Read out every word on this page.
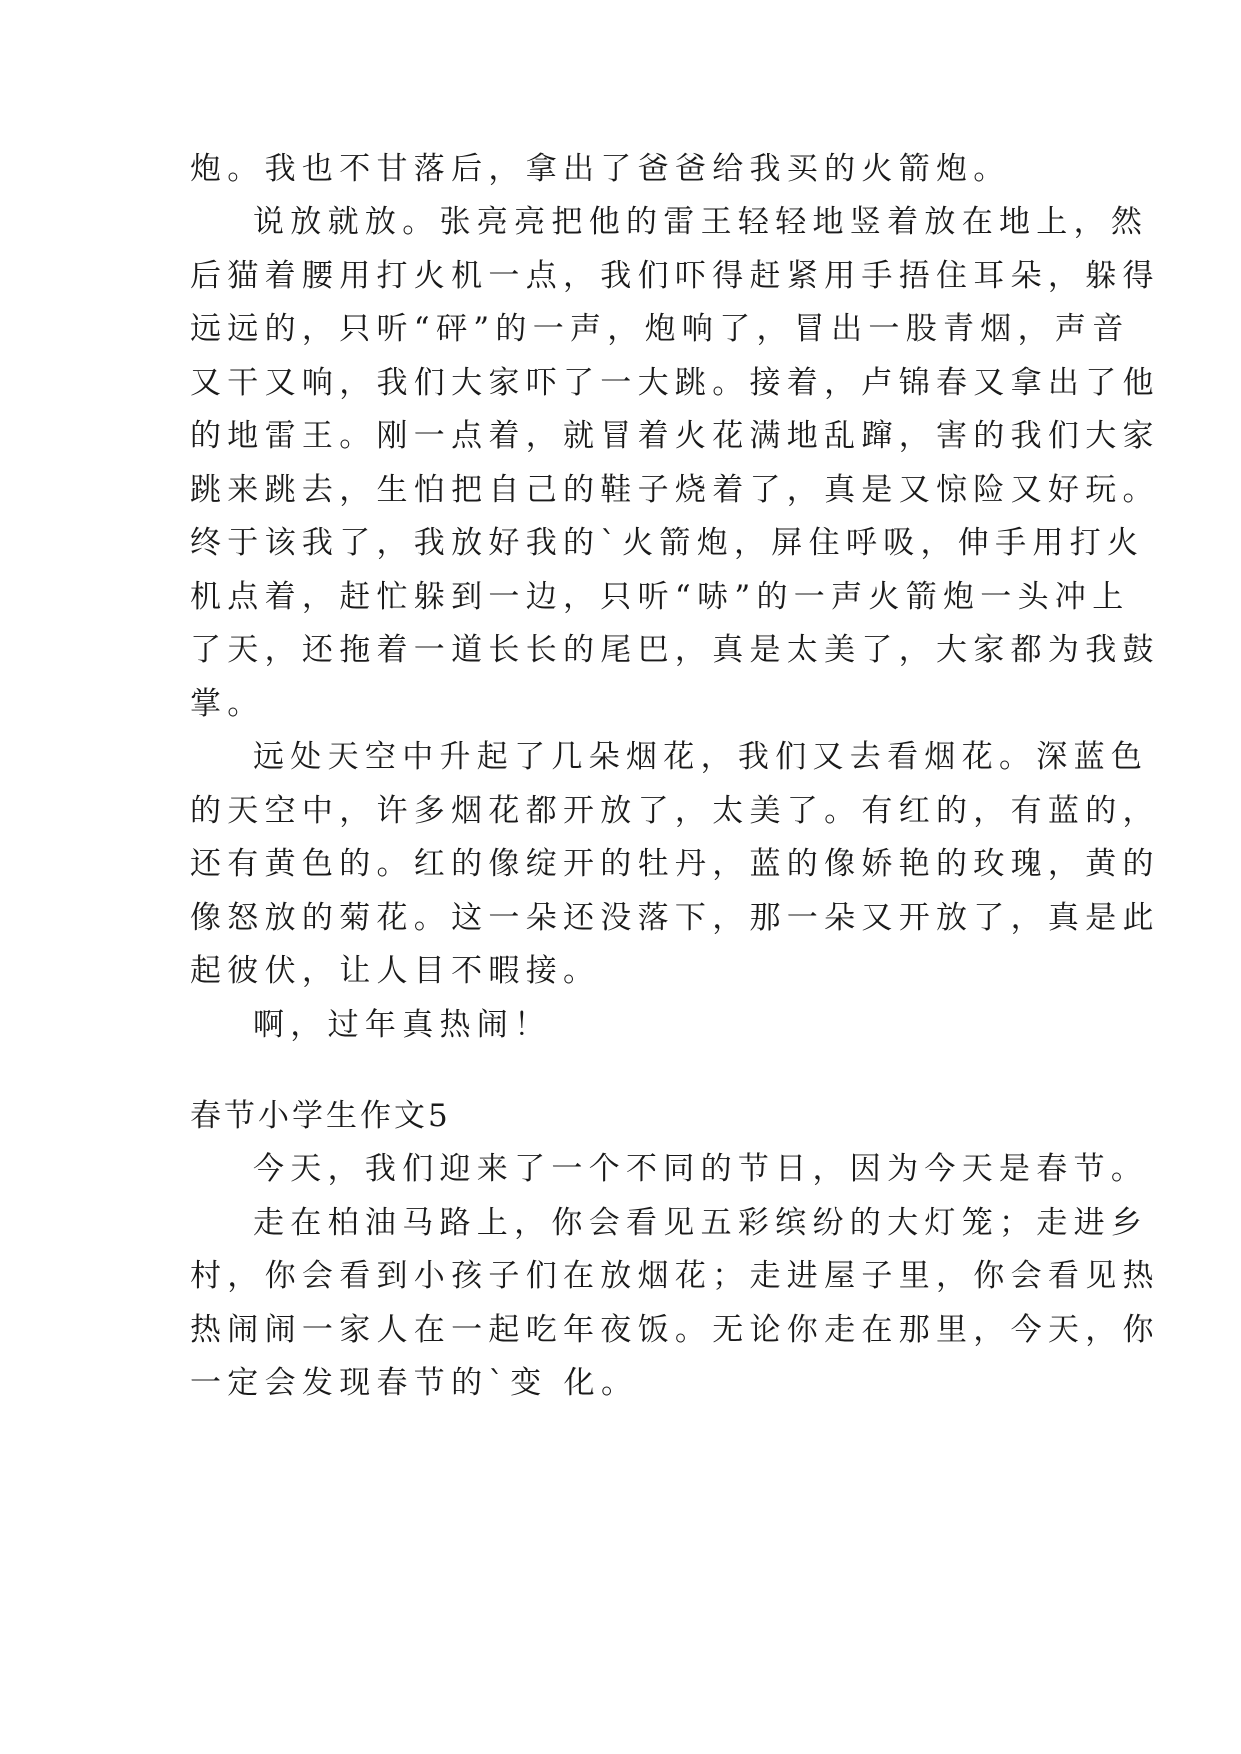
炮。我也不甘落后，拿出了爸爸给我买的火箭炮。
说放就放。张亮亮把他的雷王轻轻地竖着放在地上，然
后猫着腰用打火机一点，我们吓得赶紧用手捂住耳朵，躲得
远远的，只听“砰”的一声，炮响了，冒出一股青烟，声音
又干又响，我们大家吓了一大跳。接着，卢锦春又拿出了他
的地雷王。刚一点着，就冒着火花满地乱蹿，害的我们大家
跳来跳去，生怕把自己的鞋子烧着了，真是又惊险又好玩。
终于该我了，我放好我的`火箭炮，屏住呼吸，伸手用打火
机点着，赶忙躲到一边，只听“哧”的一声火箭炮一头冲上
了天，还拖着一道长长的尾巴，真是太美了，大家都为我鼓
掌。
远处天空中升起了几朵烟花，我们又去看烟花。深蓝色
的天空中，许多烟花都开放了，太美了。有红的，有蓝的，
还有黄色的。红的像绽开的牡丹，蓝的像娇艳的玫瑰，黄的
像怒放的菊花。这一朵还没落下，那一朵又开放了，真是此
起彼伏，让人目不暇接。
啊，过年真热闹！
春节小学生作文5
今天，我们迎来了一个不同的节日，因为今天是春节。
走在柏油马路上，你会看见五彩缤纷的大灯笼；走进乡
村，你会看到小孩子们在放烟花；走进屋子里，你会看见热
热闹闹一家人在一起吃年夜饭。无论你走在那里，今天，你
一定会发现春节的`变 化。
